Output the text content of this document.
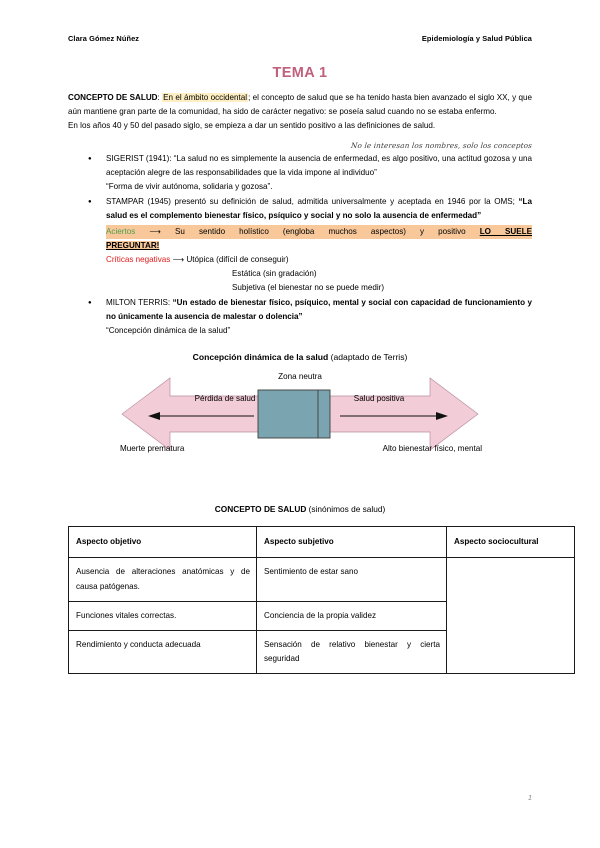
Clara Gómez Núñez	Epidemiología y Salud Pública
TEMA 1

CONCEPTO DE SALUD: En el ámbito occidental; el concepto de salud que se ha tenido hasta bien avanzado el siglo XX, y que aún mantiene gran parte de la comunidad, ha sido de carácter negativo: se poseía salud cuando no se estaba enfermo.

En los años 40 y 50 del pasado siglo, se empieza a dar un sentido positivo a las definiciones de salud.

No le interesan los nombres, solo los conceptos
● SIGERIST (1941): “La salud no es simplemente la ausencia de enfermedad, es algo positivo, una actitud gozosa y una aceptación alegre de las responsabilidades que la vida impone al individuo”
“Forma de vivir autónoma, solidaria y gozosa”.
● STAMPAR (1945) presentó su definición de salud, admitida universalmente y aceptada en 1946 por la OMS; “La salud es el complemento bienestar físico, psíquico y social y no solo la ausencia de enfermedad”
Aciertos ⟶ Su sentido holístico (engloba muchos aspectos) y positivo LO SUELE
PREGUNTAR!
Críticas negativas ⟶ Utópica (difícil de conseguir)
Estática (sin gradación)
Subjetiva (el bienestar no se puede medir)
● MILTON TERRIS: “Un estado de bienestar físico, psíquico, mental y social con capacidad de funcionamiento y no únicamente la ausencia de malestar o dolencia”
“Concepción dinámica de la salud”
Concepción dinámica de la salud (adaptado de Terris)
Zona neutra
Pérdida de salud	Salud positiva
Muerte prematura	Alto bienestar físico, mental
CONCEPTO DE SALUD (sinónimos de salud)
Aspecto objetivo	Aspecto subjetivo	Aspecto sociocultural
Ausencia de alteraciones anatómicas y de causa patógenas.	Sentimiento de estar sano	
Funciones vitales correctas.	Conciencia de la propia validez	
Rendimiento y conducta adecuada	Sensación de relativo bienestar y cierta seguridad	
1
